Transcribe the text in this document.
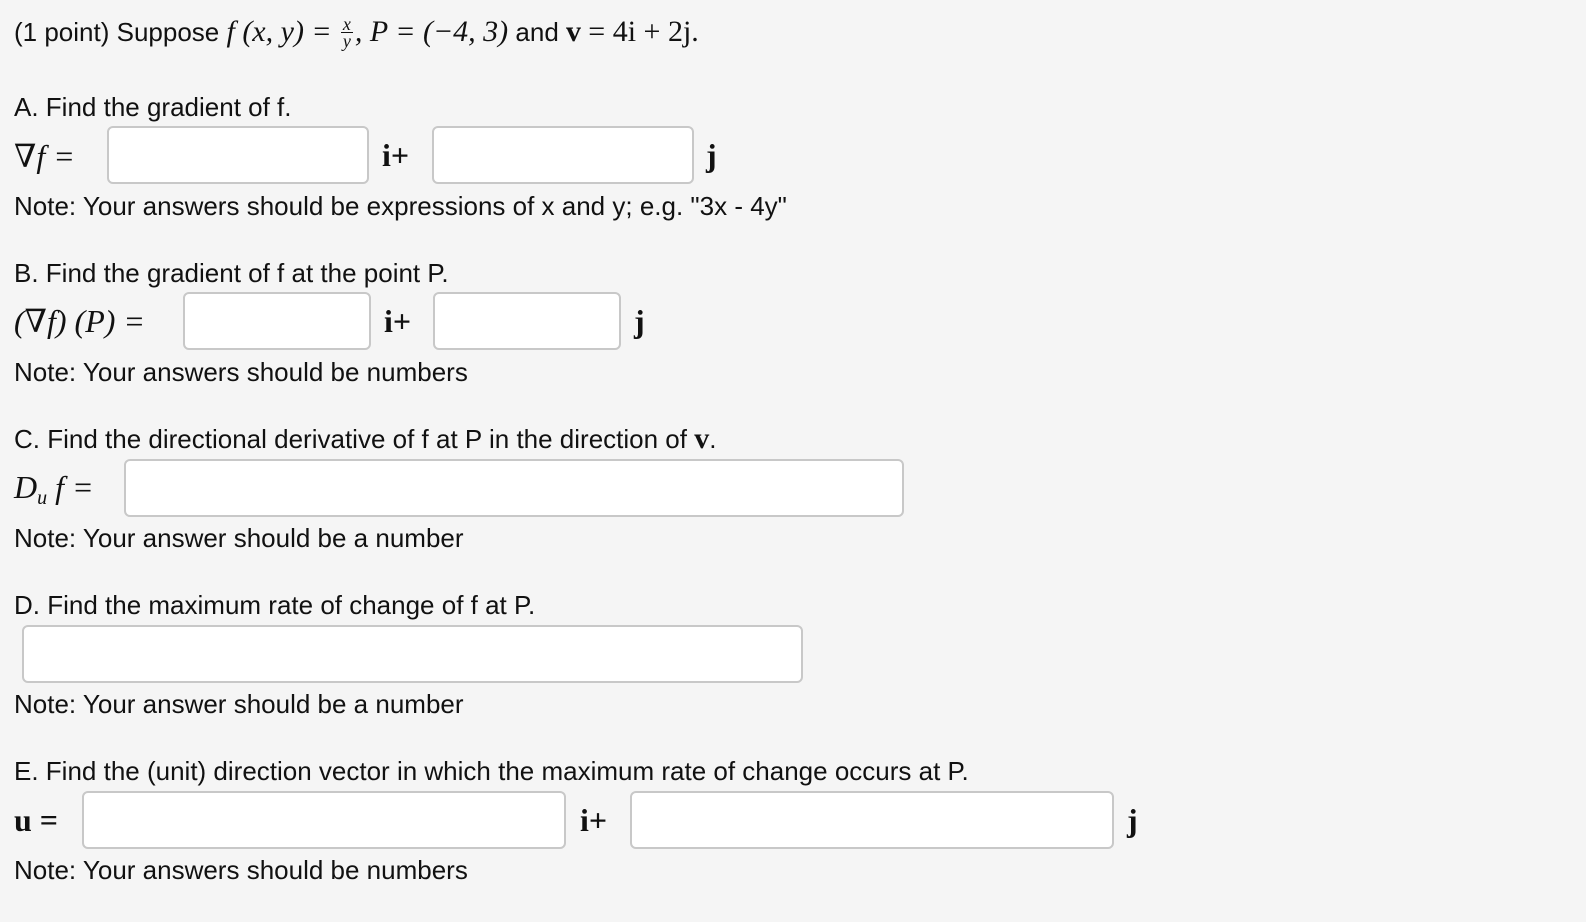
(1 point) Suppose f (x, $y) = \frac{x}{y}$ , P = (−4, 3) and v = 4i + 2j.
A. Find the gradient of f.
∇f =	i+	j
Note: Your answers should be expressions of x and y; e.g. "3x - 4y"
B. Find the gradient of f at the point P.
(∇f) (P) =	i+	j
Note: Your answers should be numbers
C. Find the directional derivative of f at P in the direction of v.
$D_u$ f =
Note: Your answer should be a number
D. Find the maximum rate of change of f at P.
Note: Your answer should be a number
E. Find the (unit) direction vector in which the maximum rate of change occurs at P.
u =	i+	j
Note: Your answers should be numbers
